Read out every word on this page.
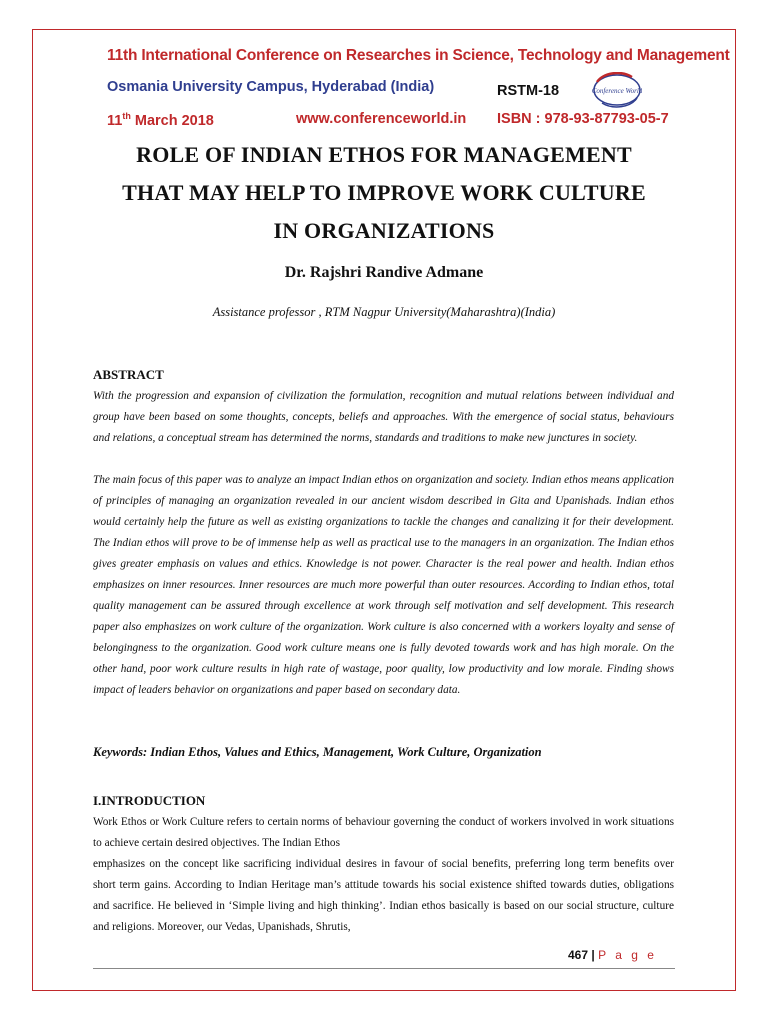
11th International Conference on Researches in Science, Technology and Management
Osmania University Campus, Hyderabad (India)	RSTM-18
11th March 2018	www.conferenceworld.in ISBN : 978-93-87793-05-7
Conference World
ROLE OF INDIAN ETHOS FOR MANAGEMENT
THAT MAY HELP TO IMPROVE WORK CULTURE
IN ORGANIZATIONS
Dr. Rajshri Randive Admane
Assistance professor , RTM Nagpur University(Maharashtra)(India)
ABSTRACT
With the progression and expansion of civilization the formulation, recognition and mutual relations between individual and group have been based on some thoughts, concepts, beliefs and approaches. With the emergence of social status, behaviours and relations, a conceptual stream has determined the norms, standards and traditions to make new junctures in society.
The main focus of this paper was to analyze an impact Indian ethos on organization and society. Indian ethos means application of principles of managing an organization revealed in our ancient wisdom described in Gita and Upanishads. Indian ethos would certainly help the future as well as existing organizations to tackle the changes and canalizing it for their development. The Indian ethos will prove to be of immense help as well as practical use to the managers in an organization. The Indian ethos gives greater emphasis on values and ethics. Knowledge is not power. Character is the real power and health. Indian ethos emphasizes on inner resources. Inner resources are much more powerful than outer resources. According to Indian ethos, total quality management can be assured through excellence at work through self motivation and self development. This research paper also emphasizes on work culture of the organization. Work culture is also concerned with a workers loyalty and sense of belongingness to the organization. Good work culture means one is fully devoted towards work and has high morale. On the other hand, poor work culture results in high rate of wastage, poor quality, low productivity and low morale. Finding shows impact of leaders behavior on organizations and paper based on secondary data.
Keywords: Indian Ethos, Values and Ethics, Management, Work Culture, Organization
I.INTRODUCTION
Work Ethos or Work Culture refers to certain norms of behaviour governing the conduct of workers involved in work situations to achieve certain desired objectives. The Indian Ethos
emphasizes on the concept like sacrificing individual desires in favour of social benefits, preferring long term benefits over short term gains. According to Indian Heritage man’s attitude towards his social existence shifted towards duties, obligations and sacrifice. He believed in ‘Simple living and high thinking’. Indian ethos basically is based on our social structure, culture and religions. Moreover, our Vedas, Upanishads, Shrutis,
467 | P a g e
